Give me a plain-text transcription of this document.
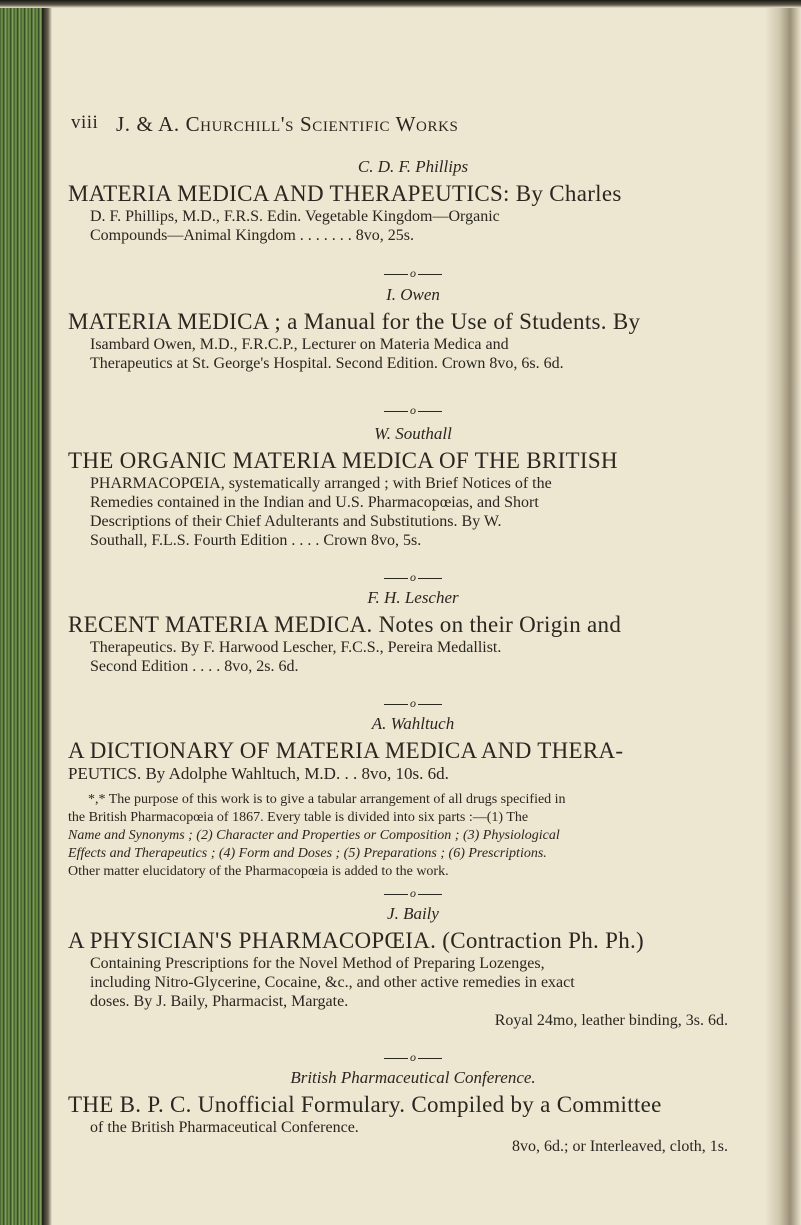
viii J. & A. Churchill's Scientific Works
C. D. F. Phillips
MATERIA MEDICA AND THERAPEUTICS: By Charles
D. F. Phillips, M.D., F.R.S. Edin. Vegetable Kingdom—Organic
Compounds—Animal Kingdom . . . . . . . 8vo, 25s.
o
I. Owen
MATERIA MEDICA ; a Manual for the Use of Students. By
Isambard Owen, M.D., F.R.C.P., Lecturer on Materia Medica and
Therapeutics at St. George's Hospital. Second Edition. Crown 8vo, 6s. 6d.
o
W. Southall
THE ORGANIC MATERIA MEDICA OF THE BRITISH
PHARMACOPŒIA, systematically arranged ; with Brief Notices of the
Remedies contained in the Indian and U.S. Pharmacopœias, and Short
Descriptions of their Chief Adulterants and Substitutions. By W.
Southall, F.L.S. Fourth Edition . . . . Crown 8vo, 5s.
o
F. H. Lescher
RECENT MATERIA MEDICA. Notes on their Origin and
Therapeutics. By F. Harwood Lescher, F.C.S., Pereira Medallist.
Second Edition . . . . 8vo, 2s. 6d.
o
A. Wahltuch
A DICTIONARY OF MATERIA MEDICA AND THERA-
PEUTICS. By Adolphe Wahltuch, M.D. . . 8vo, 10s. 6d.
*,* The purpose of this work is to give a tabular arrangement of all drugs specified in
the British Pharmacopœia of 1867. Every table is divided into six parts :—(1) The
Name and Synonyms ; (2) Character and Properties or Composition ; (3) Physiological
Effects and Therapeutics ; (4) Form and Doses ; (5) Preparations ; (6) Prescriptions.
Other matter elucidatory of the Pharmacopœia is added to the work.
o
J. Baily
A PHYSICIAN'S PHARMACOPŒIA. (Contraction Ph. Ph.)
Containing Prescriptions for the Novel Method of Preparing Lozenges,
including Nitro-Glycerine, Cocaine, &c., and other active remedies in exact
doses. By J. Baily, Pharmacist, Margate.
Royal 24mo, leather binding, 3s. 6d.
o
British Pharmaceutical Conference.
THE B. P. C. Unofficial Formulary. Compiled by a Committee
of the British Pharmaceutical Conference.
8vo, 6d.; or Interleaved, cloth, 1s.
